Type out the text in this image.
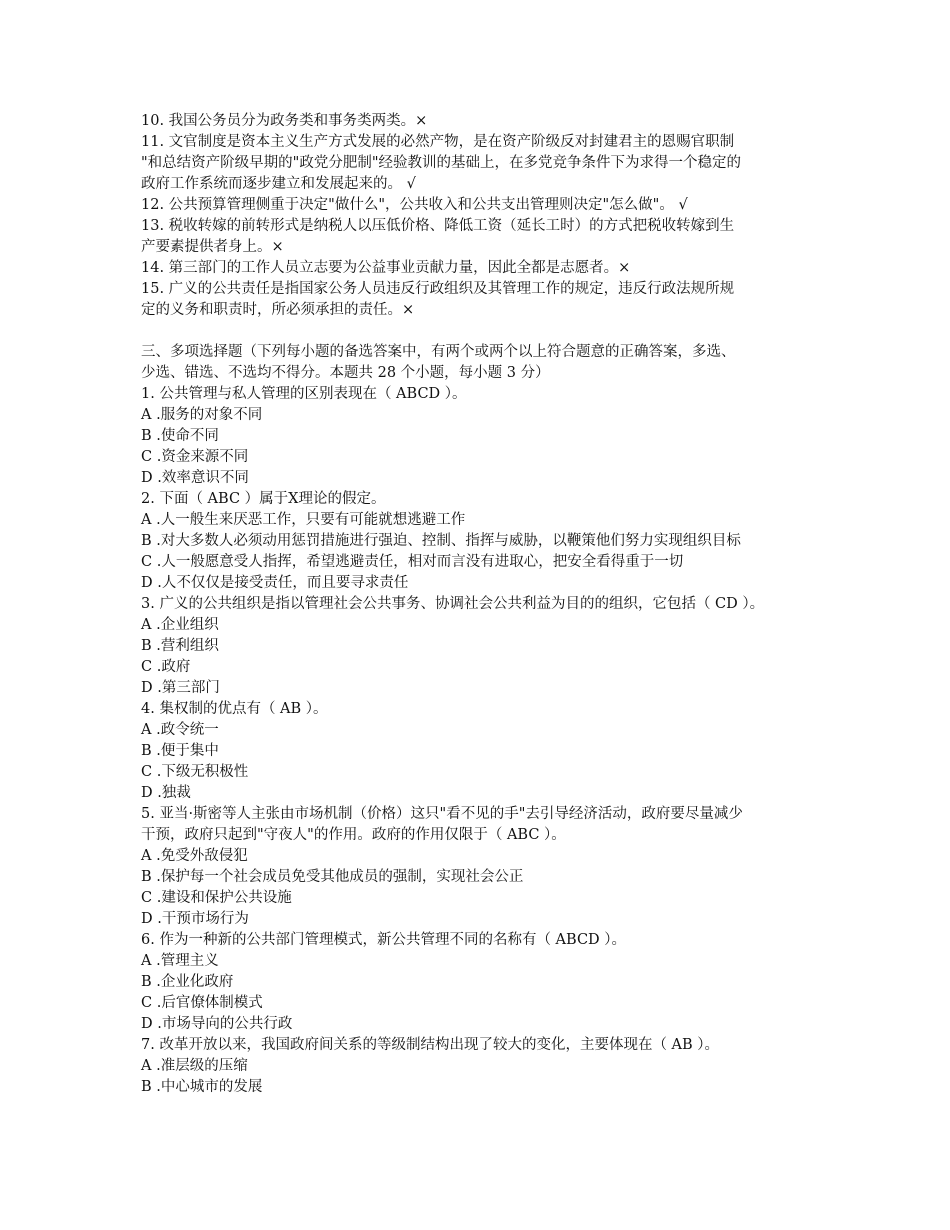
10. 我国公务员分为政务类和事务类两类。×
11. 文官制度是资本主义生产方式发展的必然产物，是在资产阶级反对封建君主的恩赐官职制
"和总结资产阶级早期的"政党分肥制"经验教训的基础上，在多党竞争条件下为求得一个稳定的
政府工作系统而逐步建立和发展起来的。 √
12. 公共预算管理侧重于决定"做什么"，公共收入和公共支出管理则决定"怎么做"。 √
13. 税收转嫁的前转形式是纳税人以压低价格、降低工资（延长工时）的方式把税收转嫁到生
产要素提供者身上。×
14. 第三部门的工作人员立志要为公益事业贡献力量，因此全都是志愿者。×
15. 广义的公共责任是指国家公务人员违反行政组织及其管理工作的规定，违反行政法规所规
定的义务和职责时，所必须承担的责任。×
三、多项选择题（下列每小题的备选答案中，有两个或两个以上符合题意的正确答案，多选、
少选、错选、不选均不得分。本题共 28 个小题，每小题 3 分）
1. 公共管理与私人管理的区别表现在（ ABCD ）。
A .服务的对象不同
B .使命不同
C .资金来源不同
D .效率意识不同
2. 下面（ ABC ）属于X理论的假定。
A .人一般生来厌恶工作，只要有可能就想逃避工作
B .对大多数人必须动用惩罚措施进行强迫、控制、指挥与威胁，以鞭策他们努力实现组织目标
C .人一般愿意受人指挥，希望逃避责任，相对而言没有进取心，把安全看得重于一切
D .人不仅仅是接受责任，而且要寻求责任
3. 广义的公共组织是指以管理社会公共事务、协调社会公共利益为目的的组织，它包括（ CD ）。
A .企业组织
B .营利组织
C .政府
D .第三部门
4. 集权制的优点有（ AB ）。
A .政令统一
B .便于集中
C .下级无积极性
D .独裁
5. 亚当·斯密等人主张由市场机制（价格）这只"看不见的手"去引导经济活动，政府要尽量减少
干预，政府只起到"守夜人"的作用。政府的作用仅限于（ ABC ）。
A .免受外敌侵犯
B .保护每一个社会成员免受其他成员的强制，实现社会公正
C .建设和保护公共设施
D .干预市场行为
6. 作为一种新的公共部门管理模式，新公共管理不同的名称有（ ABCD ）。
A .管理主义
B .企业化政府
C .后官僚体制模式
D .市场导向的公共行政
7. 改革开放以来，我国政府间关系的等级制结构出现了较大的变化，主要体现在（ AB ）。
A .准层级的压缩
B .中心城市的发展
